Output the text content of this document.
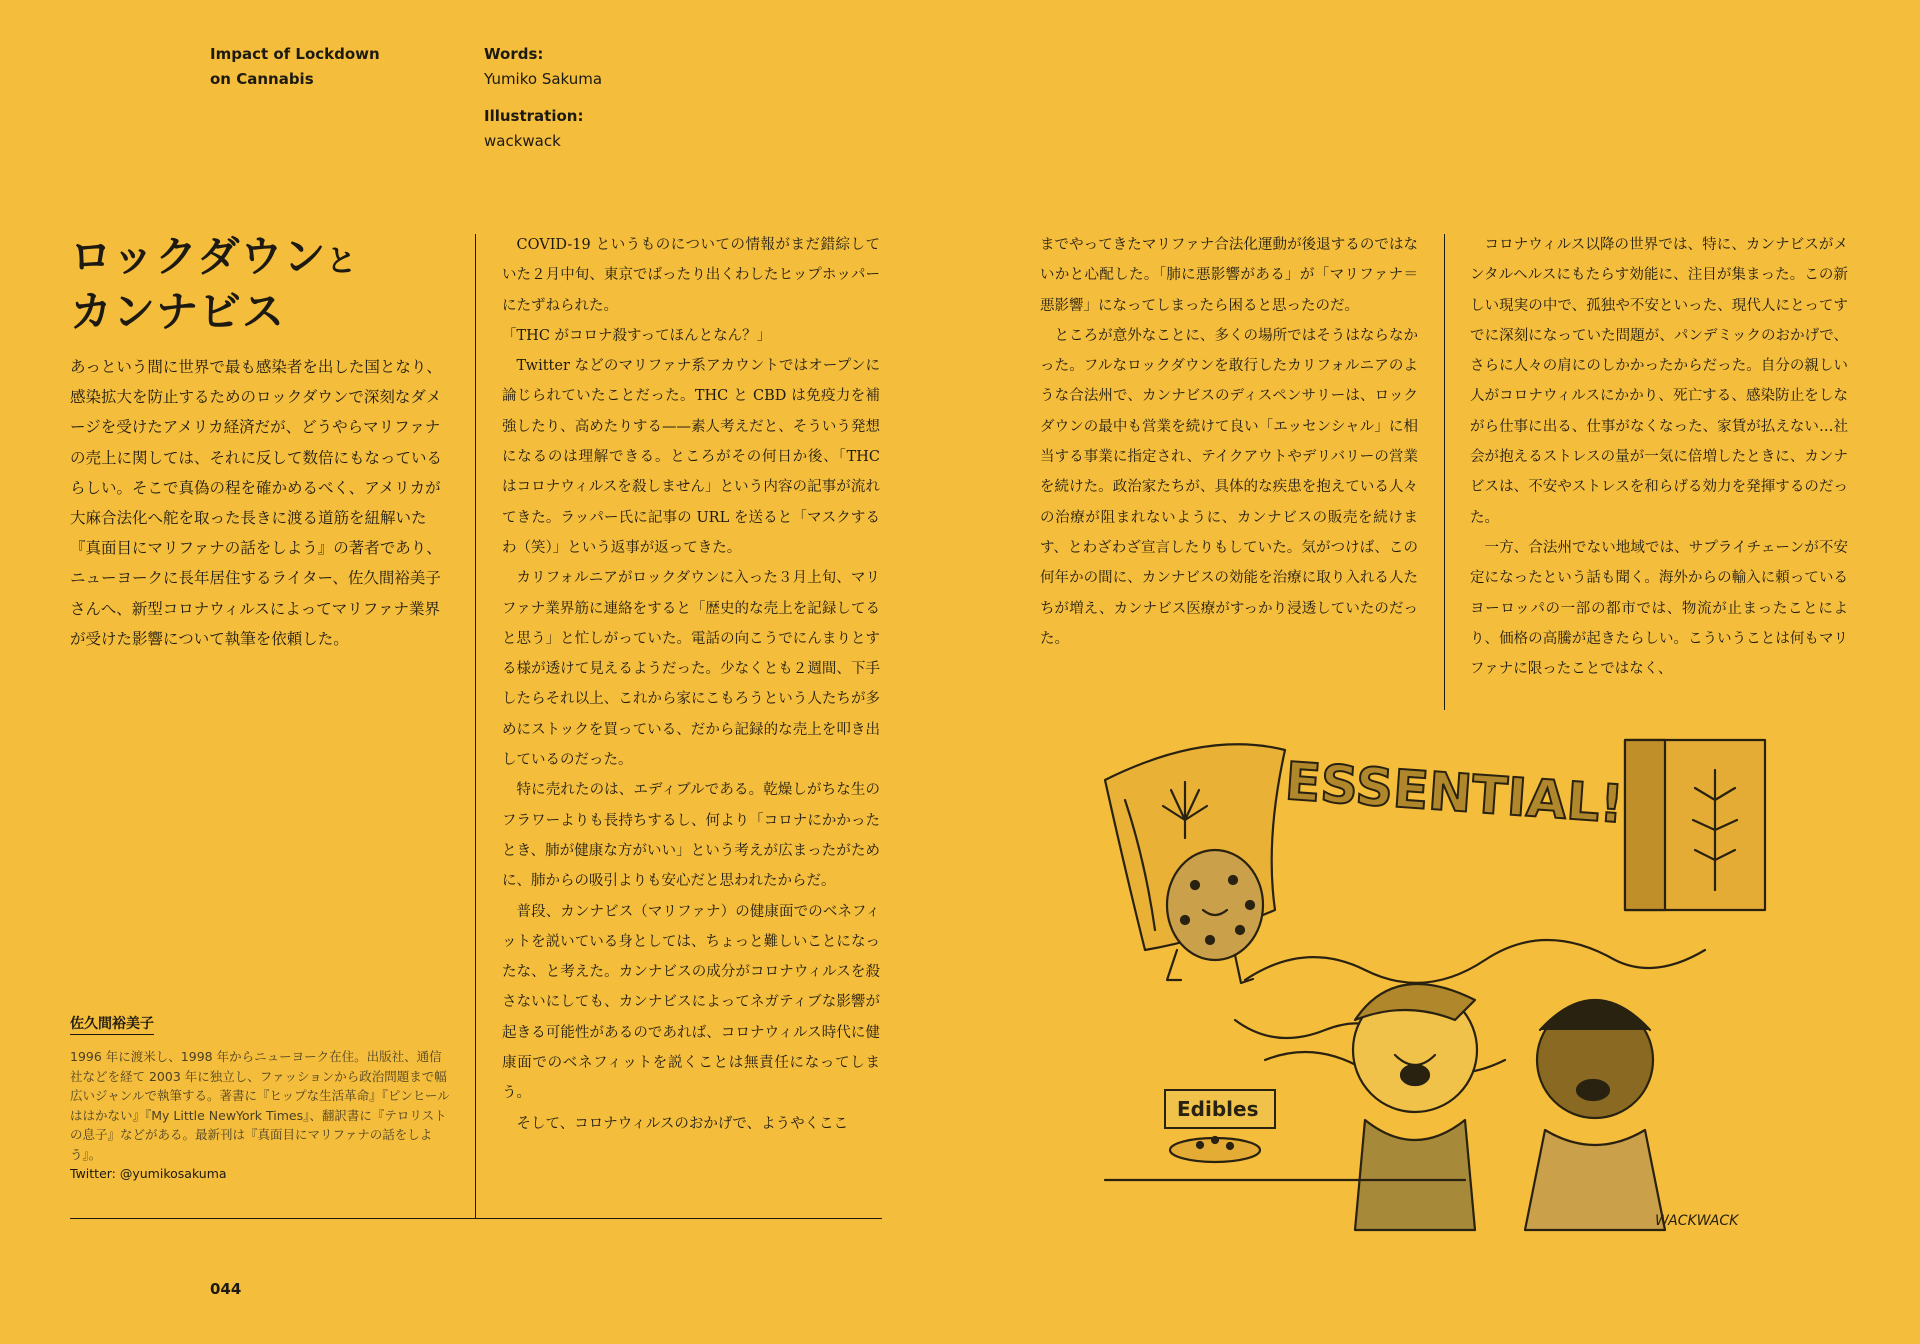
Impact of Lockdown
on Cannabis
Words:
Yumiko Sakuma
Illustration:
wackwack
ロックダウンと
カンナビス

あっという間に世界で最も感染者を出した国となり、感染拡大を防止するためのロックダウンで深刻なダメージを受けたアメリカ経済だが、どうやらマリファナの売上に関しては、それに反して数倍にもなっているらしい。そこで真偽の程を確かめるべく、アメリカが大麻合法化へ舵を取った長きに渡る道筋を紐解いた『真面目にマリファナの話をしよう』の著者であり、ニューヨークに長年居住するライター、佐久間裕美子さんへ、新型コロナウィルスによってマリファナ業界が受けた影響について執筆を依頼した。

佐久間裕美子
1996 年に渡米し、1998 年からニューヨーク在住。出版社、通信社などを経て 2003 年に独立し、ファッションから政治問題まで幅広いジャンルで執筆する。著書に『ヒップな生活革命』『ピンヒールははかない』『My Little NewYork Times』、翻訳書に『テロリストの息子』などがある。最新刊は『真面目にマリファナの話をしよう』。
Twitter: @yumikosakuma

COVID-19 というものについての情報がまだ錯綜していた２月中旬、東京でばったり出くわしたヒップホッパーにたずねられた。

「THC がコロナ殺すってほんとなん？」

Twitter などのマリファナ系アカウントではオープンに論じられていたことだった。THC と CBD は免疫力を補強したり、高めたりする——素人考えだと、そういう発想になるのは理解できる。ところがその何日か後、「THC はコロナウィルスを殺しません」という内容の記事が流れてきた。ラッパー氏に記事の URL を送ると「マスクするわ（笑）」という返事が返ってきた。

カリフォルニアがロックダウンに入った３月上旬、マリファナ業界筋に連絡をすると「歴史的な売上を記録してると思う」と忙しがっていた。電話の向こうでにんまりとする様が透けて見えるようだった。少なくとも２週間、下手したらそれ以上、これから家にこもろうという人たちが多めにストックを買っている、だから記録的な売上を叩き出しているのだった。

特に売れたのは、エディブルである。乾燥しがちな生のフラワーよりも長持ちするし、何より「コロナにかかったとき、肺が健康な方がいい」という考えが広まったがために、肺からの吸引よりも安心だと思われたからだ。

普段、カンナビス（マリファナ）の健康面でのベネフィットを説いている身としては、ちょっと難しいことになったな、と考えた。カンナビスの成分がコロナウィルスを殺さないにしても、カンナビスによってネガティブな影響が起きる可能性があるのであれば、コロナウィルス時代に健康面でのベネフィットを説くことは無責任になってしまう。

そして、コロナウィルスのおかげで、ようやくここ

044

までやってきたマリファナ合法化運動が後退するのではないかと心配した。「肺に悪影響がある」が「マリファナ＝悪影響」になってしまったら困ると思ったのだ。

ところが意外なことに、多くの場所ではそうはならなかった。フルなロックダウンを敢行したカリフォルニアのような合法州で、カンナビスのディスペンサリーは、ロックダウンの最中も営業を続けて良い「エッセンシャル」に相当する事業に指定され、テイクアウトやデリバリーの営業を続けた。政治家たちが、具体的な疾患を抱えている人々の治療が阻まれないように、カンナビスの販売を続けます、とわざわざ宣言したりもしていた。気がつけば、この何年かの間に、カンナビスの効能を治療に取り入れる人たちが増え、カンナビス医療がすっかり浸透していたのだった。

コロナウィルス以降の世界では、特に、カンナビスがメンタルヘルスにもたらす効能に、注目が集まった。この新しい現実の中で、孤独や不安といった、現代人にとってすでに深刻になっていた問題が、パンデミックのおかげで、さらに人々の肩にのしかかったからだった。自分の親しい人がコロナウィルスにかかり、死亡する、感染防止をしながら仕事に出る、仕事がなくなった、家賃が払えない…社会が抱えるストレスの量が一気に倍増したときに、カンナビスは、不安やストレスを和らげる効力を発揮するのだった。

一方、合法州でない地域では、サプライチェーンが不安定になったという話も聞く。海外からの輸入に頼っているヨーロッパの一部の都市では、物流が止まったことにより、価格の高騰が起きたらしい。こういうことは何もマリファナに限ったことではなく、

ESSENTIAL!
Edibles
WACKWACK
